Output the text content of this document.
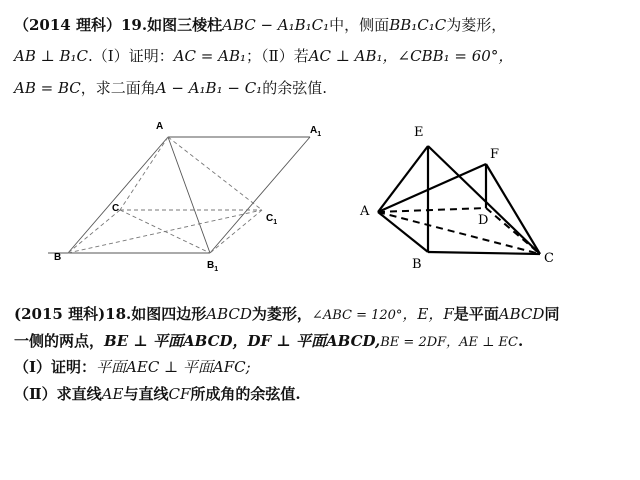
（2014 理科）19.如图三棱柱ABC − A₁B₁C₁中，侧面BB₁C₁C为菱形，
AB ⊥ B₁C.（Ⅰ）证明：AC = AB₁；（Ⅱ）若AC ⊥ AB₁，∠CBB₁ = 60°，
AB = BC，求二面角A − A₁B₁ − C₁的余弦值.
A	$A_1$
C
$C_1$
B
$B_1$
E
F
A
D
B	C
(2015 理科)18.如图四边形ABCD为菱形，∠ABC = 120°，E，F是平面ABCD同
一侧的两点，BE ⊥ 平面ABCD，DF ⊥ 平面ABCD,BE = 2DF，AE ⊥ EC.
（Ⅰ）证明：平面AEC ⊥ 平面AFC;
（Ⅱ）求直线AE与直线CF所成角的余弦值.
